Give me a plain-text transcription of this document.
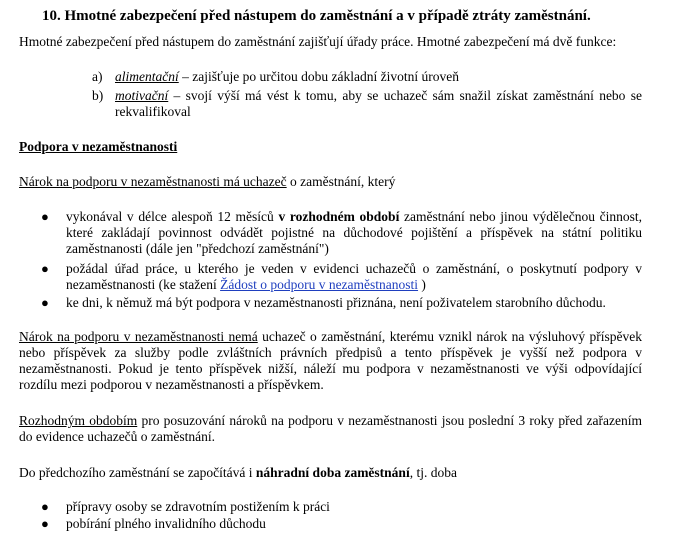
10. Hmotné zabezpečení před nástupem do zaměstnání a v případě ztráty zaměstnání.
Hmotné zabezpečení před nástupem do zaměstnání zajišťují úřady práce. Hmotné zabezpečení má dvě funkce:
a) alimentační – zajišťuje po určitou dobu základní životní úroveň
b) motivační – svojí výší má vést k tomu, aby se uchazeč sám snažil získat zaměstnání nebo se rekvalifikoval
Podpora v nezaměstnanosti
Nárok na podporu v nezaměstnanosti má uchazeč o zaměstnání, který
● vykonával v délce alespoň 12 měsíců v rozhodném období zaměstnání nebo jinou výdělečnou činnost, které zakládají povinnost odvádět pojistné na důchodové pojištění a příspěvek na státní politiku zaměstnanosti (dále jen "předchozí zaměstnání")
● požádal úřad práce, u kterého je veden v evidenci uchazečů o zaměstnání, o poskytnutí podpory v nezaměstnanosti (ke stažení Žádost o podporu v nezaměstnanosti )
● ke dni, k němuž má být podpora v nezaměstnanosti přiznána, není poživatelem starobního důchodu.
Nárok na podporu v nezaměstnanosti nemá uchazeč o zaměstnání, kterému vznikl nárok na výsluhový příspěvek nebo příspěvek za služby podle zvláštních právních předpisů a tento příspěvek je vyšší než podpora v nezaměstnanosti. Pokud je tento příspěvek nižší, náleží mu podpora v nezaměstnanosti ve výši odpovídající rozdílu mezi podporou v nezaměstnanosti a příspěvkem.
Rozhodným obdobím pro posuzování nároků na podporu v nezaměstnanosti jsou poslední 3 roky před zařazením do evidence uchazečů o zaměstnání.
Do předchozího zaměstnání se započítává i náhradní doba zaměstnání, tj. doba
● přípravy osoby se zdravotním postižením k práci
● pobírání plného invalidního důchodu
